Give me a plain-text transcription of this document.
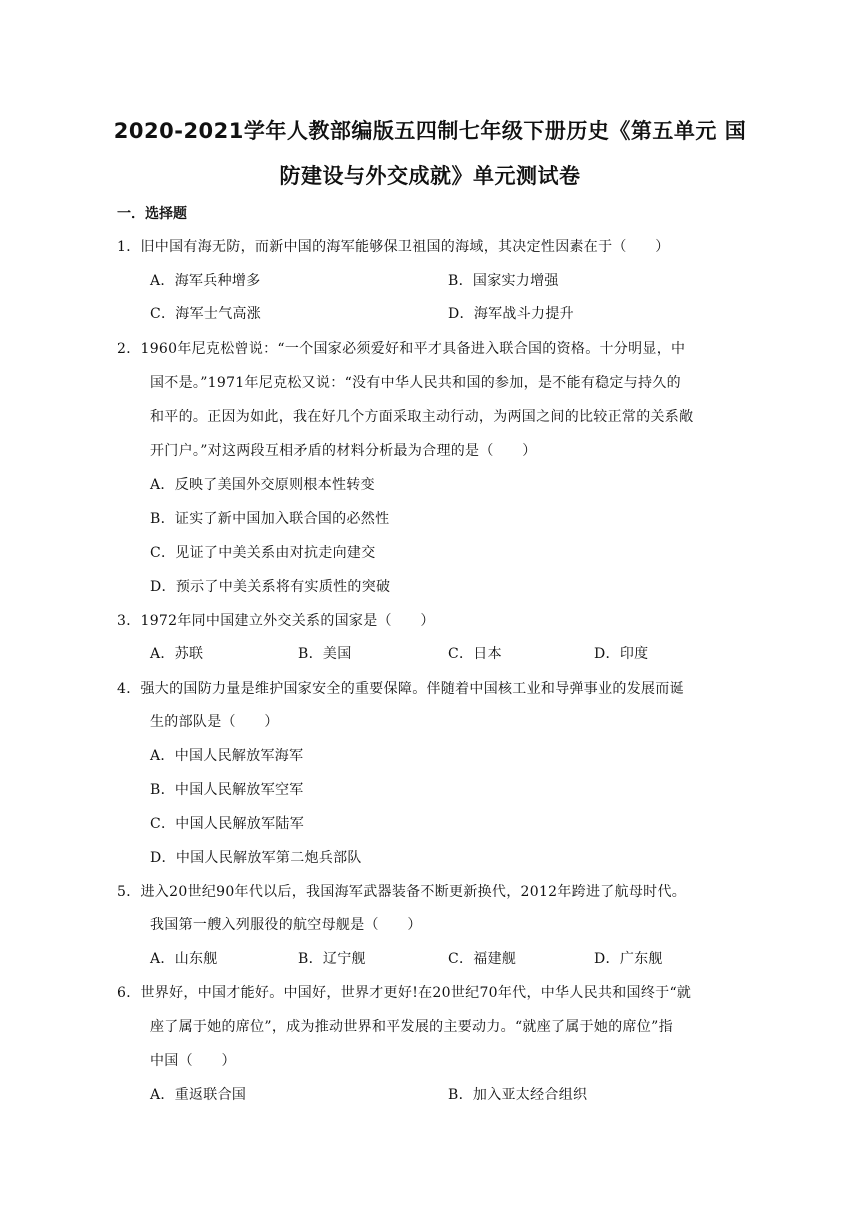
2020-2021学年人教部编版五四制七年级下册历史《第五单元 国
防建设与外交成就》单元测试卷
一．选择题
1．旧中国有海无防，而新中国的海军能够保卫祖国的海域，其决定性因素在于（　　）
A．海军兵种增多	B．国家实力增强
C．海军士气高涨	D．海军战斗力提升
2．1960年尼克松曾说：“一个国家必须爱好和平才具备进入联合国的资格。十分明显，中
国不是。”1971年尼克松又说：“没有中华人民共和国的参加，是不能有稳定与持久的
和平的。正因为如此，我在好几个方面采取主动行动，为两国之间的比较正常的关系敞
开门户。”对这两段互相矛盾的材料分析最为合理的是（　　）
A．反映了美国外交原则根本性转变
B．证实了新中国加入联合国的必然性
C．见证了中美关系由对抗走向建交
D．预示了中美关系将有实质性的突破
3．1972年同中国建立外交关系的国家是（　　）
A．苏联	B．美国	C．日本	D．印度
4．强大的国防力量是维护国家安全的重要保障。伴随着中国核工业和导弹事业的发展而诞
生的部队是（　　）
A．中国人民解放军海军
B．中国人民解放军空军
C．中国人民解放军陆军
D．中国人民解放军第二炮兵部队
5．进入20世纪90年代以后，我国海军武器装备不断更新换代，2012年跨进了航母时代。
我国第一艘入列服役的航空母舰是（　　）
A．山东舰	B．辽宁舰	C．福建舰	D．广东舰
6．世界好，中国才能好。中国好，世界才更好!在20世纪70年代，中华人民共和国终于“就
座了属于她的席位”，成为推动世界和平发展的主要动力。“就座了属于她的席位”指
中国（　　）
A．重返联合国	B．加入亚太经合组织
